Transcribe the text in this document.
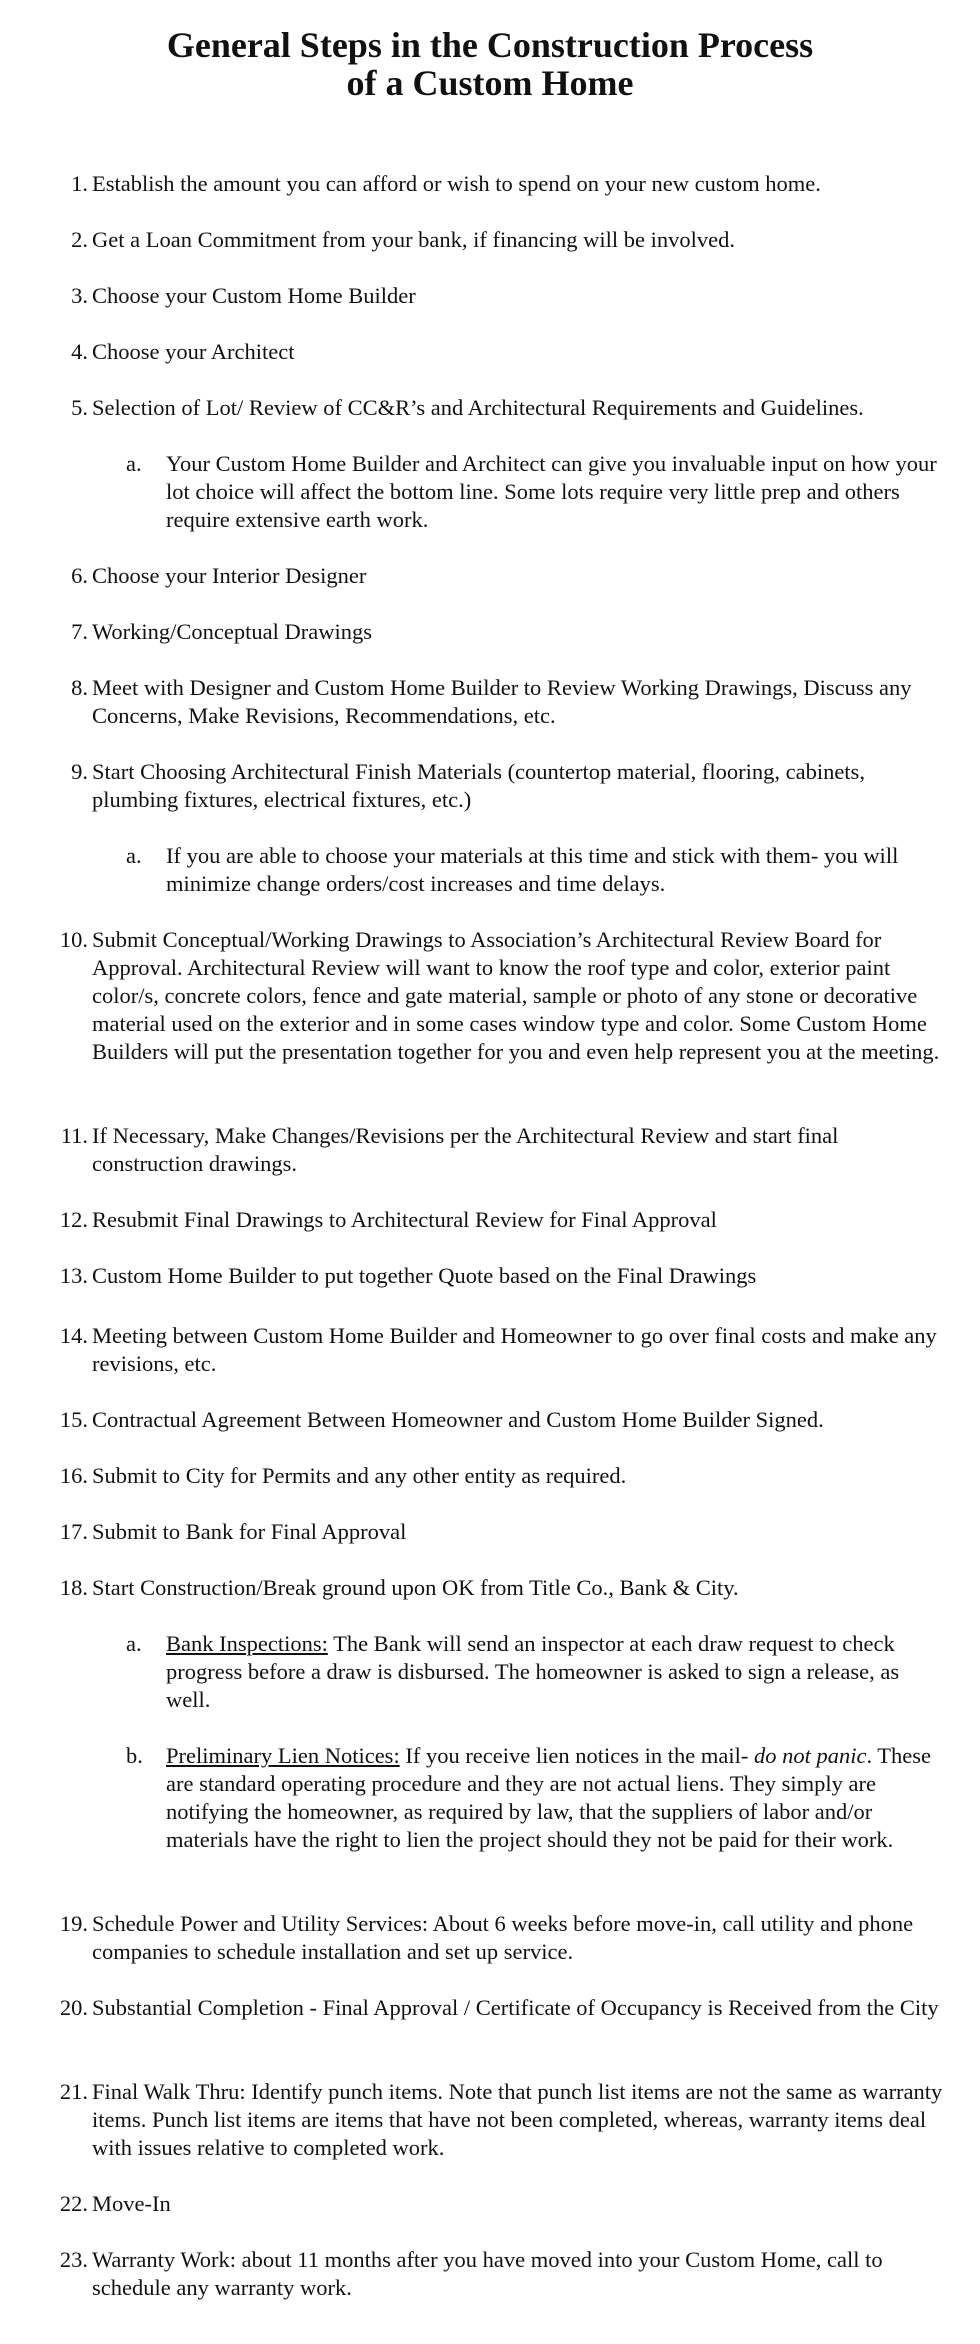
General Steps in the Construction Process
of a Custom Home
1. Establish the amount you can afford or wish to spend on your new custom home.
2. Get a Loan Commitment from your bank, if financing will be involved.
3. Choose your Custom Home Builder
4. Choose your Architect
5. Selection of Lot/ Review of CC&R’s and Architectural Requirements and Guidelines.
a. Your Custom Home Builder and Architect can give you invaluable input on how your lot choice will affect the bottom line. Some lots require very little prep and others require extensive earth work.
6. Choose your Interior Designer
7. Working/Conceptual Drawings
8. Meet with Designer and Custom Home Builder to Review Working Drawings, Discuss any Concerns, Make Revisions, Recommendations, etc.
9. Start Choosing Architectural Finish Materials (countertop material, flooring, cabinets, plumbing fixtures, electrical fixtures, etc.)
a. If you are able to choose your materials at this time and stick with them- you will minimize change orders/cost increases and time delays.
10. Submit Conceptual/Working Drawings to Association’s Architectural Review Board for Approval. Architectural Review will want to know the roof type and color, exterior paint color/s, concrete colors, fence and gate material, sample or photo of any stone or decorative material used on the exterior and in some cases window type and color. Some Custom Home Builders will put the presentation together for you and even help represent you at the meeting.
11. If Necessary, Make Changes/Revisions per the Architectural Review and start final construction drawings.
12. Resubmit Final Drawings to Architectural Review for Final Approval
13. Custom Home Builder to put together Quote based on the Final Drawings
14. Meeting between Custom Home Builder and Homeowner to go over final costs and make any revisions, etc.
15. Contractual Agreement Between Homeowner and Custom Home Builder Signed.
16. Submit to City for Permits and any other entity as required.
17. Submit to Bank for Final Approval
18. Start Construction/Break ground upon OK from Title Co., Bank & City.
a. Bank Inspections: The Bank will send an inspector at each draw request to check progress before a draw is disbursed. The homeowner is asked to sign a release, as well.
b. Preliminary Lien Notices: If you receive lien notices in the mail- do not panic. These are standard operating procedure and they are not actual liens. They simply are notifying the homeowner, as required by law, that the suppliers of labor and/or materials have the right to lien the project should they not be paid for their work.
19. Schedule Power and Utility Services: About 6 weeks before move-in, call utility and phone companies to schedule installation and set up service.
20. Substantial Completion - Final Approval / Certificate of Occupancy is Received from the City
21. Final Walk Thru: Identify punch items. Note that punch list items are not the same as warranty items. Punch list items are items that have not been completed, whereas, warranty items deal with issues relative to completed work.
22. Move-In
23. Warranty Work: about 11 months after you have moved into your Custom Home, call to schedule any warranty work.
